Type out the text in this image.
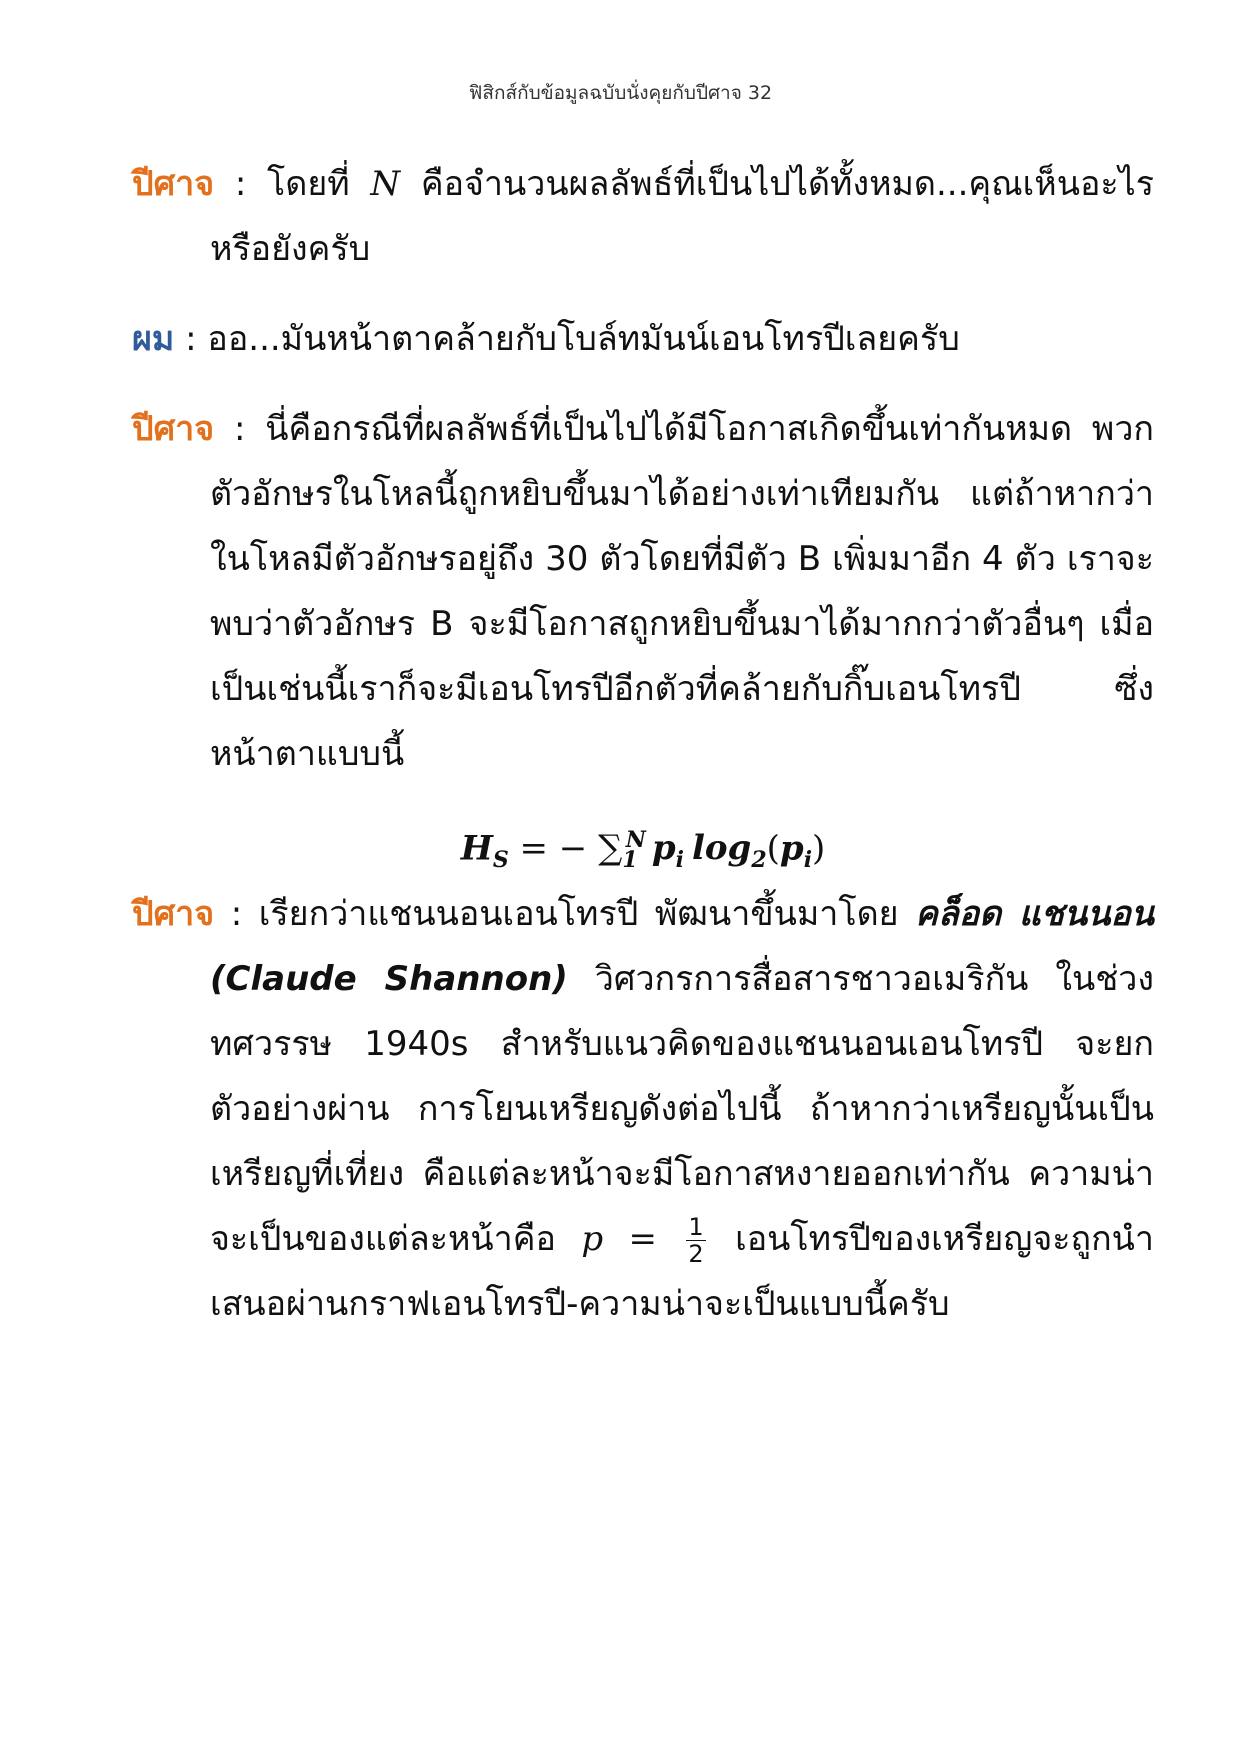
ฟิสิกส์กับข้อมูลฉบับนั่งคุยกับปีศาจ 32

ปีศาจ : โดยที่ N คือจำนวนผลลัพธ์ที่เป็นไปได้ทั้งหมด...คุณเห็นอะไรหรือยังครับ

ผม : ออ...มันหน้าตาคล้ายกับโบล์ทมันน์เอนโทรปีเลยครับ

ปีศาจ : นี่คือกรณีที่ผลลัพธ์ที่เป็นไปได้มีโอกาสเกิดขึ้นเท่ากันหมด พวกตัวอักษรในโหลนี้ถูกหยิบขึ้นมาได้อย่างเท่าเทียมกัน แต่ถ้าหากว่าในโหลมีตัวอักษรอยู่ถึง 30 ตัวโดยที่มีตัว B เพิ่มมาอีก 4 ตัว เราจะพบว่าตัวอักษร B จะมีโอกาสถูกหยิบขึ้นมาได้มากกว่าตัวอื่นๆ เมื่อเป็นเช่นนี้เราก็จะมีเอนโทรปีอีกตัวที่คล้ายกับกิ๊บเอนโทรปี ซึ่งหน้าตาแบบนี้

$H_S$ = − $\sum_1^N$ $p_i$ $\log_2(p_i)$

ปีศาจ : เรียกว่าแชนนอนเอนโทรปี พัฒนาขึ้นมาโดย คล็อด แชนนอน (Claude Shannon) วิศวกรการสื่อสารชาวอเมริกัน ในช่วงทศวรรษ 1940s สำหรับแนวคิดของแชนนอนเอนโทรปี จะยกตัวอย่างผ่าน การโยนเหรียญดังต่อไปนี้ ถ้าหากว่าเหรียญนั้นเป็นเหรียญที่เที่ยง คือแต่ละหน้าจะมีโอกาสหงายออกเท่ากัน ความน่าจะเป็นของแต่ละหน้าคือ $p = \frac{1}{2}$ เอนโทรปีของเหรียญจะถูกนำเสนอผ่านกราฟเอนโทรปี-ความน่าจะเป็นแบบนี้ครับ
